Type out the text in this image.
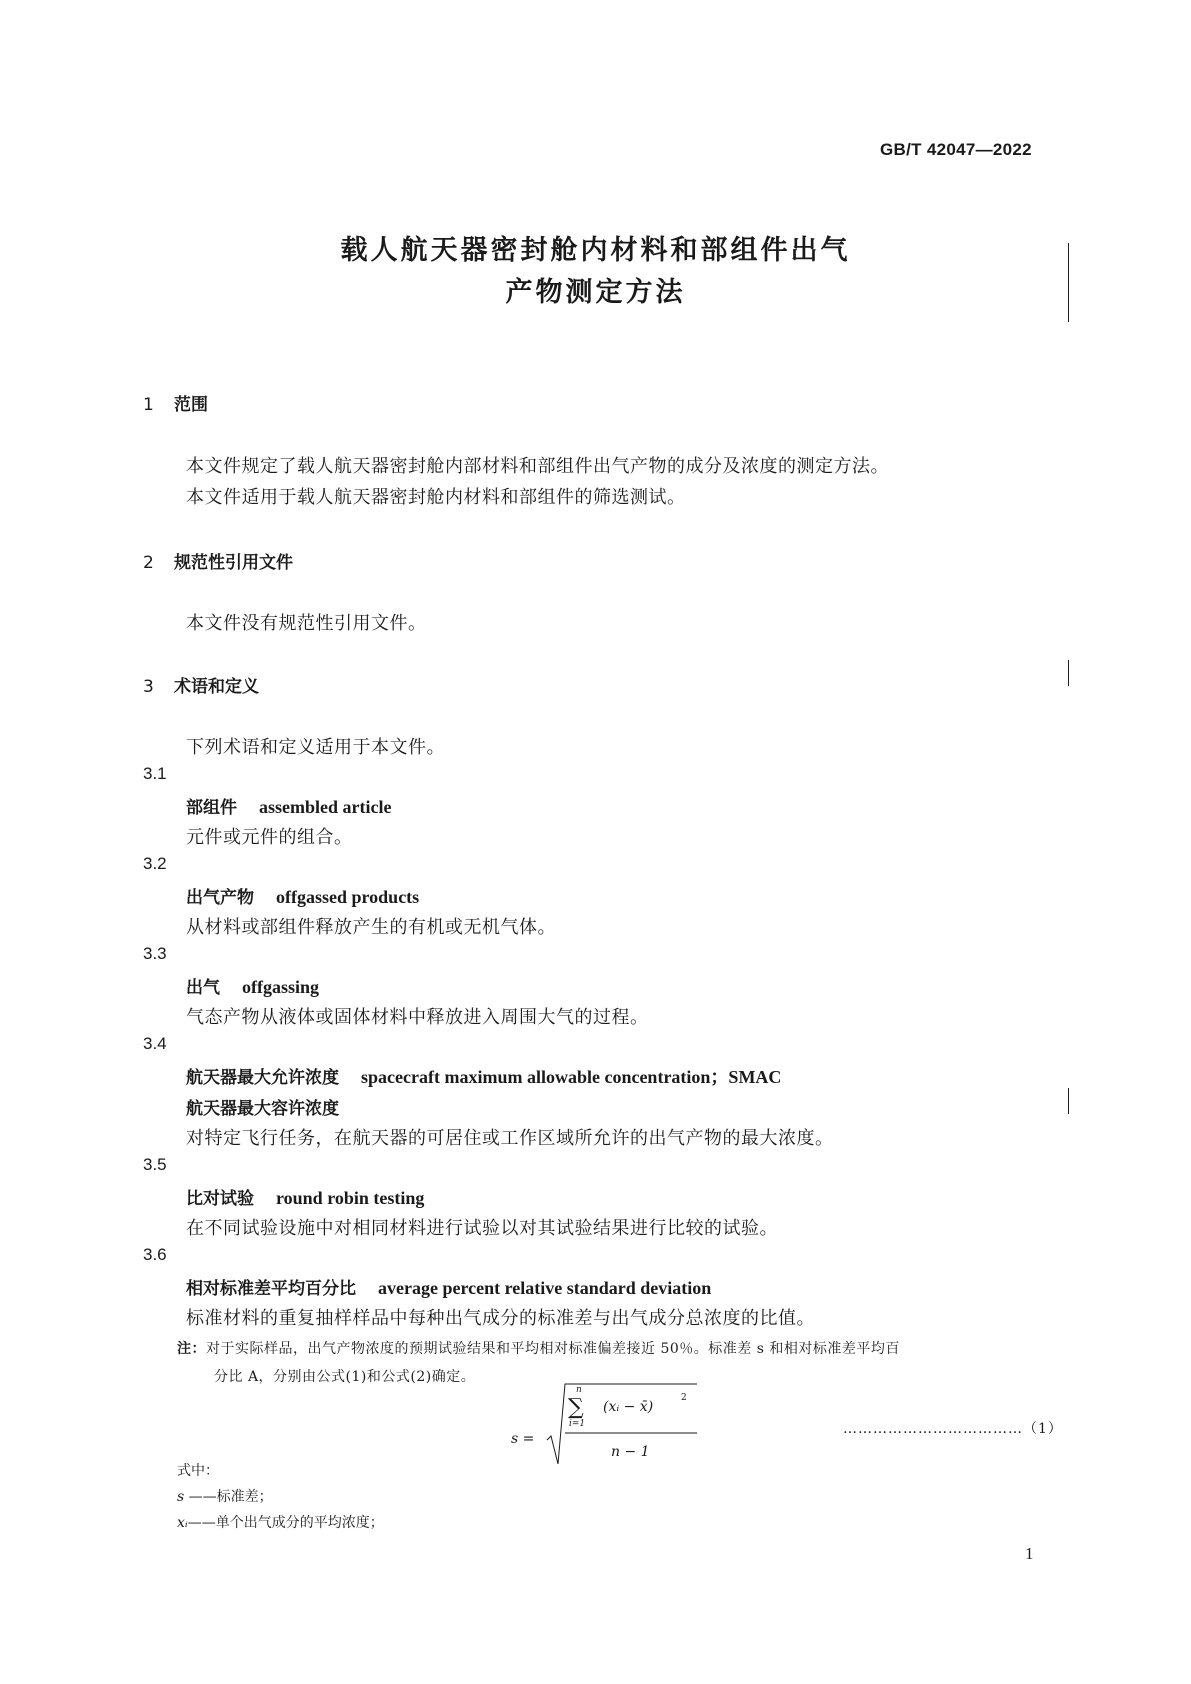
GB/T 42047—2022
载人航天器密封舱内材料和部组件出气
产物测定方法
1 范围
本文件规定了载人航天器密封舱内部材料和部组件出气产物的成分及浓度的测定方法。
本文件适用于载人航天器密封舱内材料和部组件的筛选测试。
2 规范性引用文件
本文件没有规范性引用文件。
3 术语和定义
下列术语和定义适用于本文件。
3.1
部组件 assembled article
元件或元件的组合。
3.2
出气产物 offgassed products
从材料或部组件释放产生的有机或无机气体。
3.3
出气 offgassing
气态产物从液体或固体材料中释放进入周围大气的过程。
3.4
航天器最大允许浓度 spacecraft maximum allowable concentration；SMAC
航天器最大容许浓度
对特定飞行任务，在航天器的可居住或工作区域所允许的出气产物的最大浓度。
3.5
比对试验 round robin testing
在不同试验设施中对相同材料进行试验以对其试验结果进行比较的试验。
3.6
相对标准差平均百分比 average percent relative standard deviation
标准材料的重复抽样样品中每种出气成分的标准差与出气成分总浓度的比值。
注：对于实际样品，出气产物浓度的预期试验结果和平均相对标准偏差接近 50％。标准差 s 和相对标准差平均百
分比 A，分别由公式(1)和公式(2)确定。
s =
n
∑
i=1
(xᵢ − x̄)
2
n − 1
………………………………（1）
式中：
s ——标准差；
xᵢ——单个出气成分的平均浓度；
1
